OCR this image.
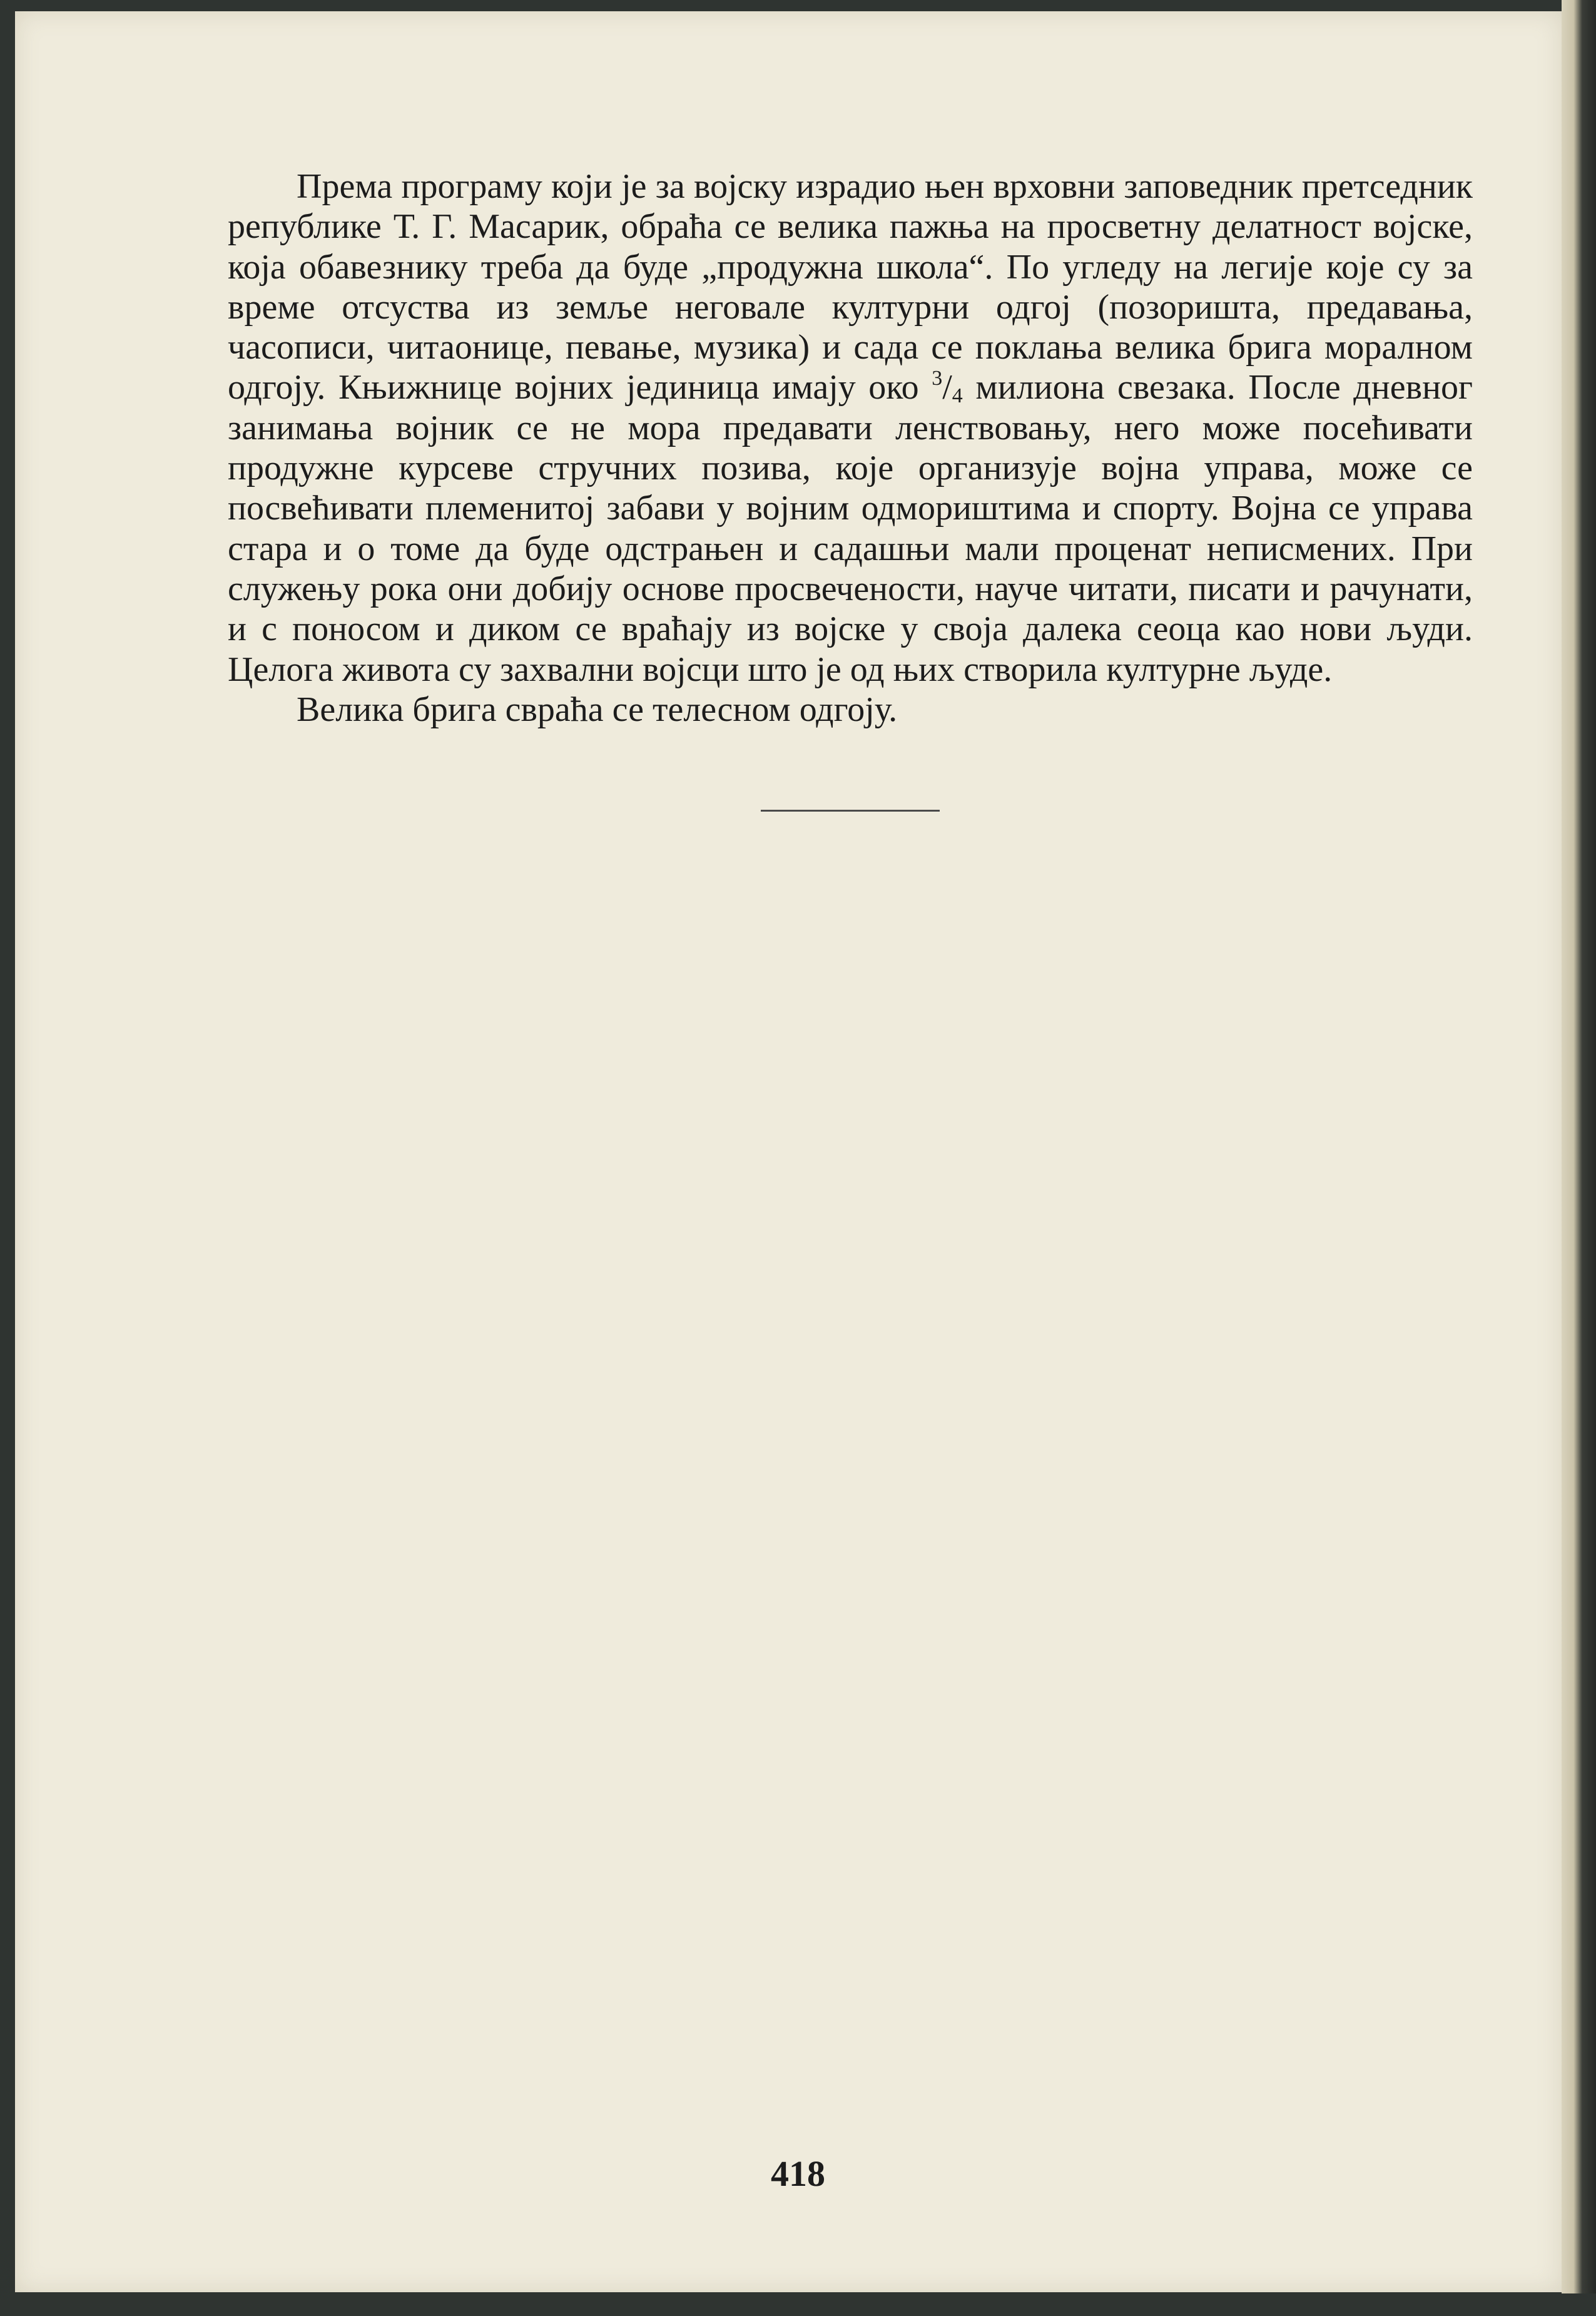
Према програму који је за војску израдио њен врховни заповедник претседник републике Т. Г. Масарик, обраћа се велика пажња на просветну делатност војске, која обавезнику треба да буде „продужна школа“. По угледу на легије које су за време отсуства из земље неговале културни одгој (позоришта, предавања, часописи, читаонице, певање, музика) и сада се поклања велика брига моралном одгоју. Књижнице војних јединица имају око $^3/_4$ милиона свезака. После дневног занимања војник се не мора предавати ленствовању, него може посећивати продужне курсеве стручних позива, које организује војна управа, може се посвећивати племенитој забави у војним одмориштима и спорту. Војна се управа стара и о томе да буде одстрањен и садашњи мали проценат неписмених. При служењу рока они добију основе просвечености, науче читати, писати и рачунати, и с поносом и диком се враћају из војске у своја далека сеоца као нови људи. Целога живота су захвални војсци што је од њих створила културне људе.

Велика брига свраћа се телесном одгоју.

418
